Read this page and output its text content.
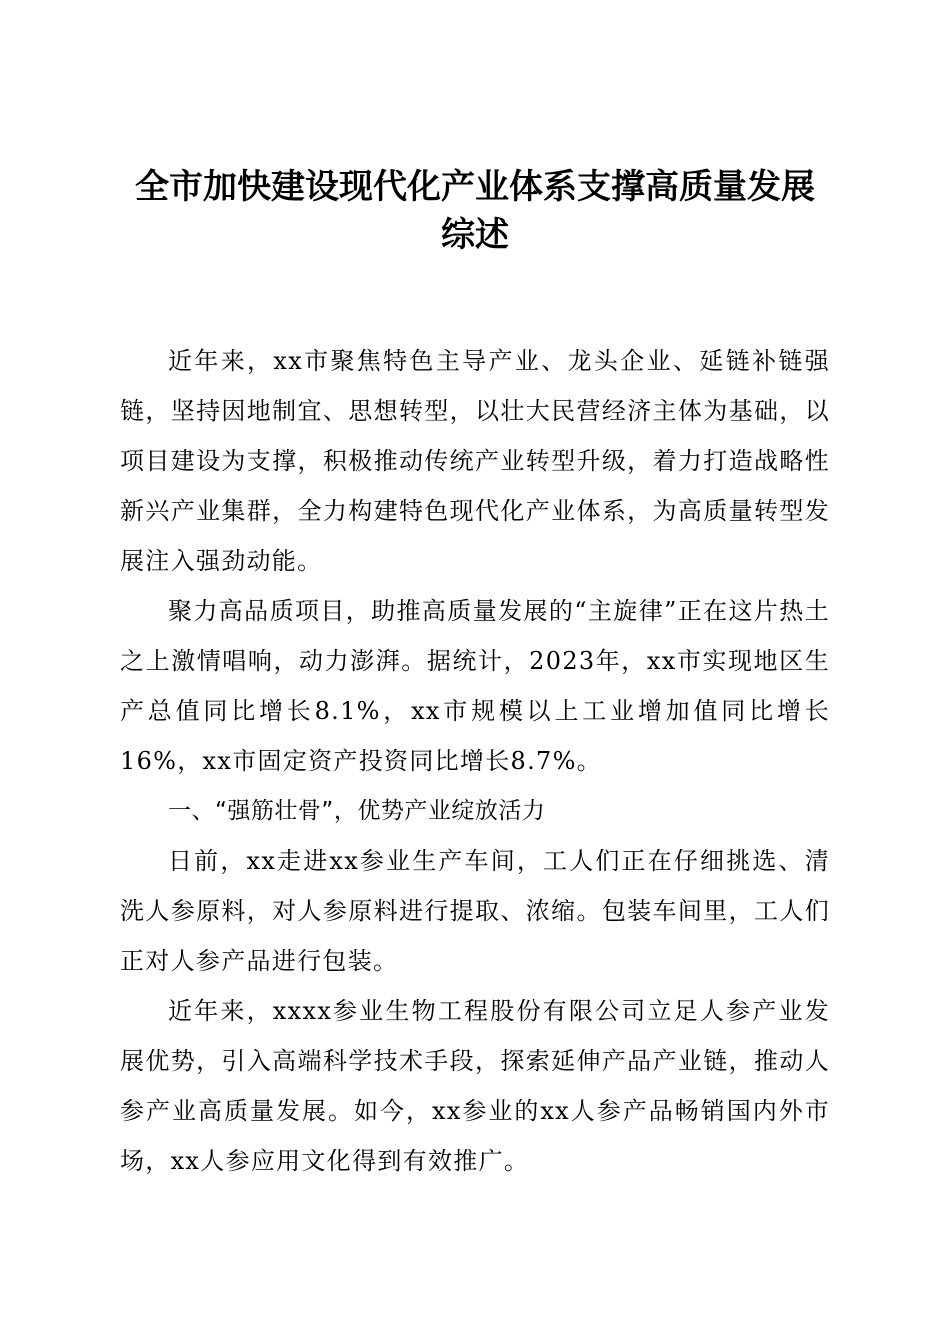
全市加快建设现代化产业体系支撑高质量发展
综述

近年来，xx市聚焦特色主导产业、龙头企业、延链补链强链，坚持因地制宜、思想转型，以壮大民营经济主体为基础，以项目建设为支撑，积极推动传统产业转型升级，着力打造战略性新兴产业集群，全力构建特色现代化产业体系，为高质量转型发展注入强劲动能。

聚力高品质项目，助推高质量发展的“主旋律”正在这片热土之上激情唱响，动力澎湃。据统计，2023年，xx市实现地区生产总值同比增长8.1%，xx市规模以上工业增加值同比增长16%，xx市固定资产投资同比增长8.7%。

一、“强筋壮骨”，优势产业绽放活力

日前，xx走进xx参业生产车间，工人们正在仔细挑选、清洗人参原料，对人参原料进行提取、浓缩。包装车间里，工人们正对人参产品进行包装。

近年来，xxxx参业生物工程股份有限公司立足人参产业发展优势，引入高端科学技术手段，探索延伸产品产业链，推动人参产业高质量发展。如今，xx参业的xx人参产品畅销国内外市场，xx人参应用文化得到有效推广。
